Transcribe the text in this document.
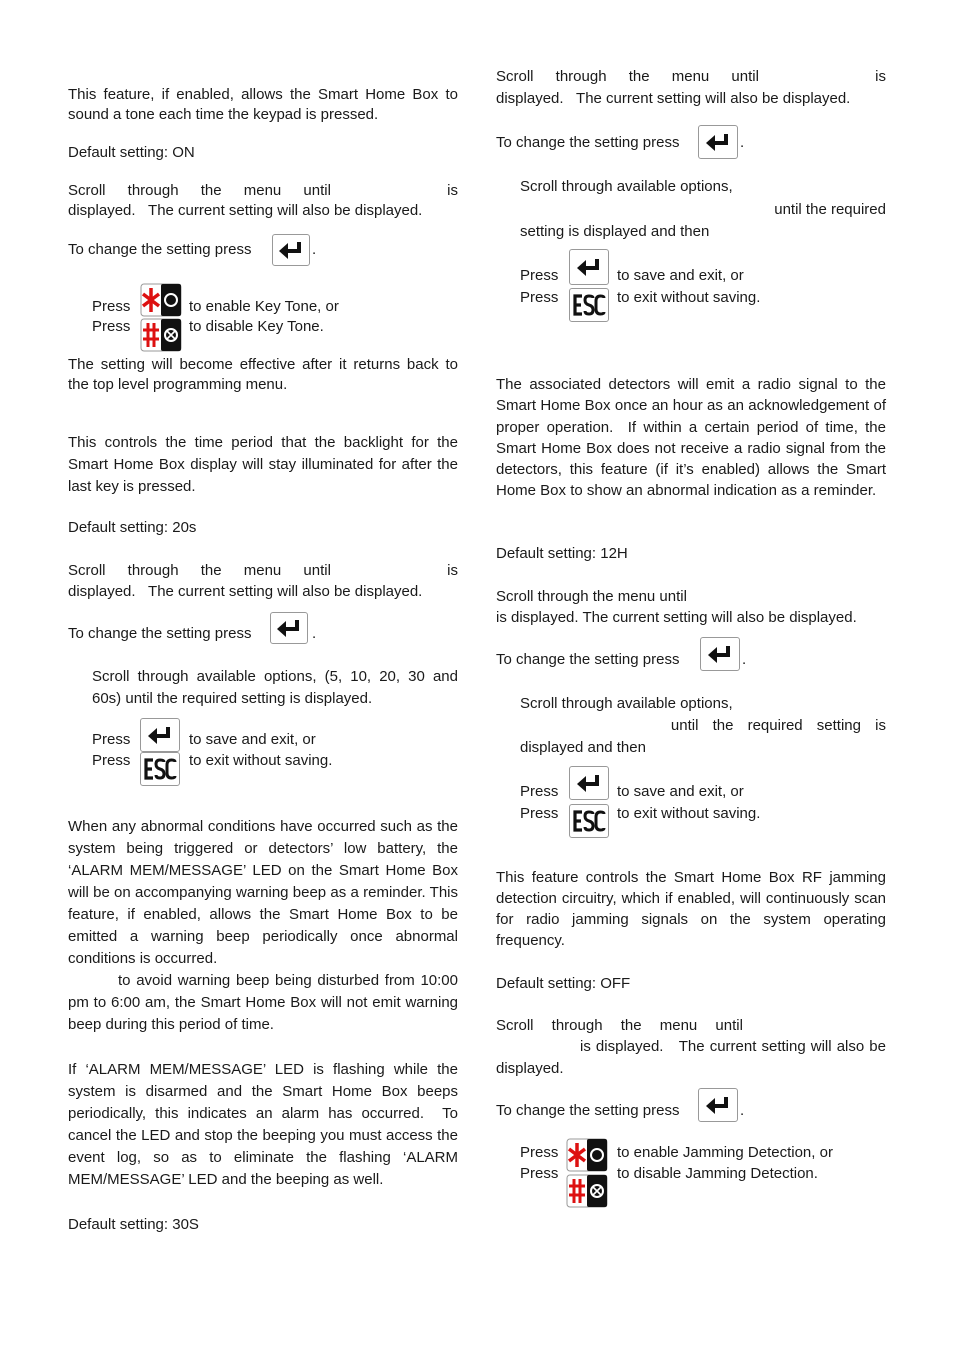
This feature, if enabled, allows the Smart Home Box to sound a tone each time the keypad is pressed.

Default setting: ON

Scroll through the menu until	is

displayed.   The current setting will also be displayed.

To change the setting press	.
Press	to enable Key Tone, or
Press	to disable Key Tone.

The setting will become effective after it returns back to the top level programming menu.

This controls the time period that the backlight for the Smart Home Box display will stay illuminated for after the last key is pressed.

Default setting: 20s

Scroll through the menu until	is

displayed.   The current setting will also be displayed.

To change the setting press	.

Scroll through available options, (5, 10, 20, 30 and 60s) until the required setting is displayed.

Press	to save and exit, or
Press	to exit without saving.

When any abnormal conditions have occurred such as the system being triggered or detectors’ low battery, the ‘ALARM MEM/MESSAGE’ LED on the Smart Home Box will be on accompanying warning beep as a reminder. This feature, if enabled, allows the Smart Home Box to be emitted a warning beep periodically once abnormal conditions is occurred.

to avoid warning beep being disturbed from 10:00 pm to 6:00 am, the Smart Home Box will not emit warning beep during this period of time.

If ‘ALARM MEM/MESSAGE’ LED is flashing while the system is disarmed and the Smart Home Box beeps periodically, this indicates an alarm has occurred.  To cancel the LED and stop the beeping you must access the event log, so as to eliminate the flashing ‘ALARM MEM/MESSAGE’ LED and the beeping as well.

Default setting: 30S

Scroll through the menu until	is

displayed.   The current setting will also be displayed.

To change the setting press	.

Scroll through available options,

until the required

setting is displayed and then

Press	to save and exit, or
Press	to exit without saving.

The associated detectors will emit a radio signal to the Smart Home Box once an hour as an acknowledgement of proper operation.  If within a certain period of time, the Smart Home Box does not receive a radio signal from the detectors, this feature (if it’s enabled) allows the Smart Home Box to show an abnormal indication as a reminder.

Default setting: 12H

Scroll through the menu until

is displayed. The current setting will also be displayed.

To change the setting press	.

Scroll through available options,

until the required setting is

displayed and then

Press	to save and exit, or
Press	to exit without saving.

This feature controls the Smart Home Box RF jamming detection circuitry, which if enabled, will continuously scan for radio jamming signals on the system operating frequency.

Default setting: OFF

Scroll through the menu until

is displayed.   The current setting will also be displayed.

To change the setting press	.
Press	to enable Jamming Detection, or
Press	to disable Jamming Detection.
